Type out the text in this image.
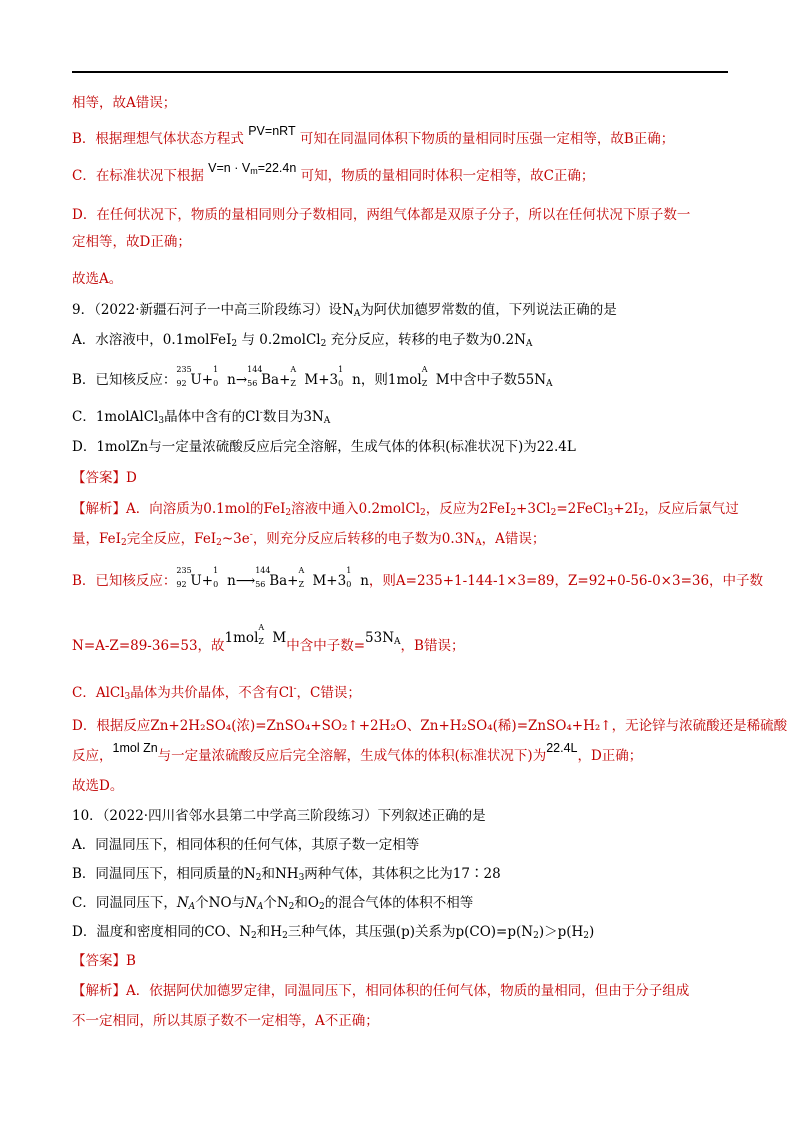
相等，故A错误；
B．根据理想气体状态方程式 PV=nRT 可知在同温同体积下物质的量相同时压强一定相等，故B正确；
C．在标准状况下根据 $V=n \cdot V_m=22.4n$ 可知，物质的量相同时体积一定相等，故C正确；
D．在任何状况下，物质的量相同则分子数相同，两组气体都是双原子分子，所以在任何状况下原子数一
定相等，故D正确；
故选A。
9．（2022·新疆石河子一中高三阶段练习）设$N_A$为阿伏加德罗常数的值，下列说法正确的是
A．水溶液中，0.1molFeI$_2$ 与 0.2molCl$_2$ 充分反应，转移的电子数为$0.2N_A$
B．已知核反应：
235
92 U+
1
0 n→
144
56 Ba+
A
Z M+3
1
0 n，则1mol
A
Z M中含中子数$55N_A$
C．1molAlCl$_3$晶体中含有的Cl-数目为$3N_A$
D．1molZn与一定量浓硫酸反应后完全溶解，生成气体的体积(标准状况下)为22.4L
【答案】D
【解析】A．向溶质为0.1mol的FeI$_2$溶液中通入0.2molCl$_2$，反应为$2FeI_2+3Cl_2=2FeCl_3+2I_2$，反应后氯气过
量，FeI$_2$完全反应，FeI$_2$~3e-，则充分反应后转移的电子数为$0.3N_A$，A错误；
B．已知核反应：
235
92 U+
1
0 n⟶
144
56 Ba+
A
Z M+3
1
0 n，则A=235+1-144-1×3=89，Z=92+0-56-0×3=36，中子数
N=A-Z=89-36=53，故1mol
A
Z M中含中子数$=53N_A$，B错误；
C．AlCl$_3$晶体为共价晶体，不含有Cl-，C错误；
D．根据反应Zn+2H₂SO₄(浓)=ZnSO₄+SO₂↑+2H₂O、Zn+H₂SO₄(稀)=ZnSO₄+H₂↑，无论锌与浓硫酸还是稀硫酸
反应，1mol Zn与一定量浓硫酸反应后完全溶解，生成气体的体积(标准状况下)为22.4L，D正确；
故选D。
10．（2022·四川省邻水县第二中学高三阶段练习）下列叙述正确的是
A．同温同压下，相同体积的任何气体，其原子数一定相等
B．同温同压下，相同质量的$N_2$和$NH_3$两种气体，其体积之比为17∶28
C．同温同压下，$N_A$个NO与$N_A$个$N_2$和$O_2$的混合气体的体积不相等
D．温度和密度相同的CO、$N_2$和$H_2$三种气体，其压强(p)关系为$p(CO)=p(N_2)>p(H_2)$
【答案】B
【解析】A．依据阿伏加德罗定律，同温同压下，相同体积的任何气体，物质的量相同，但由于分子组成
不一定相同，所以其原子数不一定相等，A不正确；
